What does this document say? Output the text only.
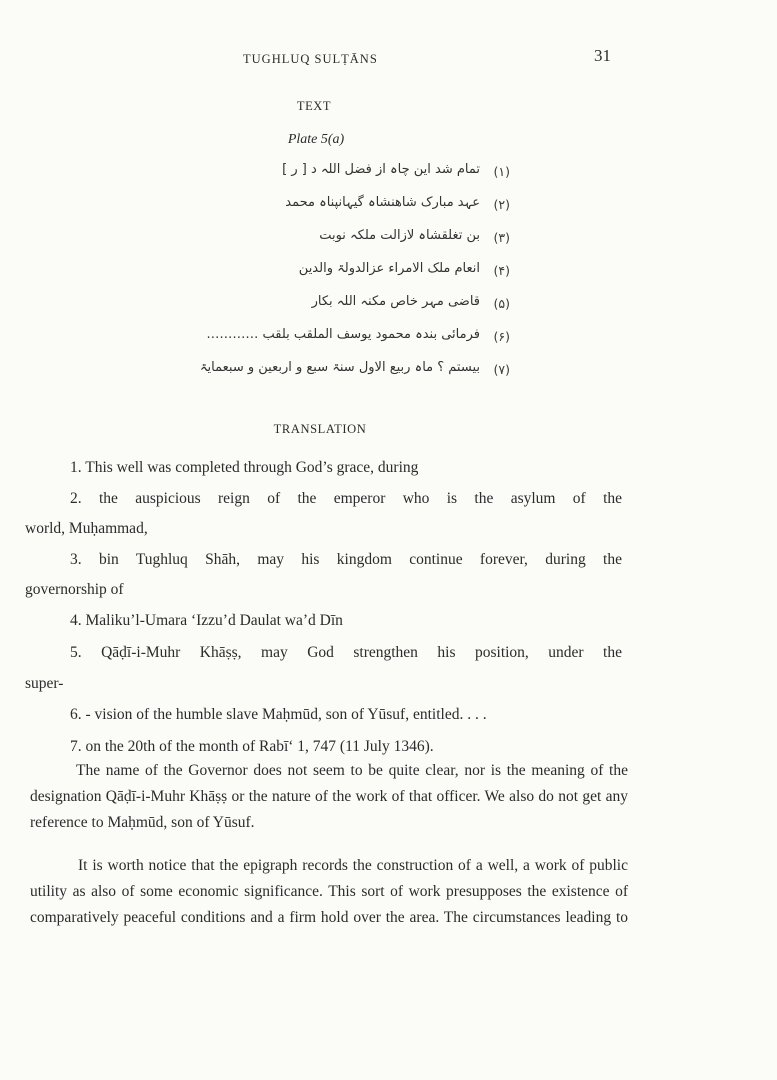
TUGHLUQ SULṬĀNS	31
TEXT
Plate 5(a)
(۱)
تمام شد این چاہ از فضل اللہ د [ ر ]
(۲)
عہد مبارک شاهنشاہ گیہانپناہ محمد
(۳)
بن تغلقشاہ لازالت ملکہ نوبت
(۴)
انعام ملک الامراء عزالدولۃ والدین
(۵)
قاضی مہر خاص مکنہ اللہ بکار
(۶)
فرمائی بندہ محمود یوسف الملقب بلقب …………
(۷)
بیستم ؟ ماہ ربیع الاول سنۃ سبع و اربعین و سبعمایۃ
TRANSLATION
1. This well was completed through God’s grace, during
2. the auspicious reign of the emperor who is the asylum of the
world, Muḥammad,
3. bin Tughluq Shāh, may his kingdom continue forever, during the
governorship of
4. Maliku’l-Umara ‘Izzu’d Daulat wa’d Dīn
5. Qāḍī-i-Muhr Khāṣṣ, may God strengthen his position, under the
super-
6. - vision of the humble slave Maḥmūd, son of Yūsuf, entitled. . . .
7. on the 20th of the month of Rabī‘ 1, 747 (11 July 1346).

The name of the Governor does not seem to be quite clear, nor is the meaning of the designation Qāḍī-i-Muhr Khāṣṣ or the nature of the work of that officer. We also do not get any reference to Maḥmūd, son of Yūsuf.

It is worth notice that the epigraph records the construction of a well, a work of public utility as also of some economic significance. This sort of work presupposes the existence of comparatively peaceful conditions and a firm hold over the area. The circumstances leading to
